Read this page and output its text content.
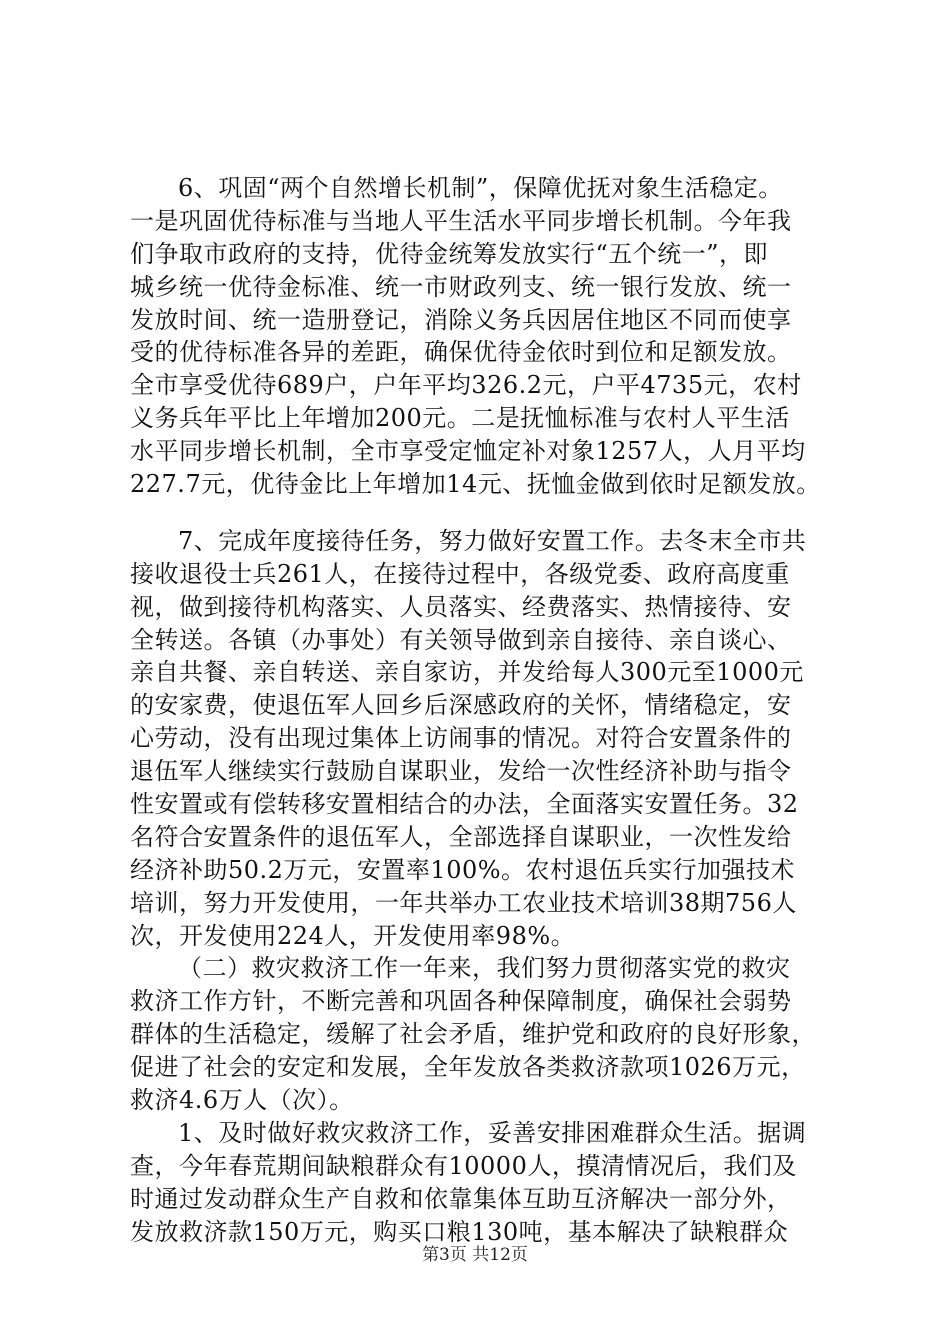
6、巩固“两个自然增长机制”，保障优抚对象生活稳定。
一是巩固优待标准与当地人平生活水平同步增长机制。今年我
们争取市政府的支持，优待金统筹发放实行“五个统一”，即
城乡统一优待金标准、统一市财政列支、统一银行发放、统一
发放时间、统一造册登记，消除义务兵因居住地区不同而使享
受的优待标准各异的差距，确保优待金依时到位和足额发放。
全市享受优待689户，户年平均326.2元，户平4735元，农村
义务兵年平比上年增加200元。二是抚恤标准与农村人平生活
水平同步增长机制，全市享受定恤定补对象1257人，人月平均
227.7元，优待金比上年增加14元、抚恤金做到依时足额发放。
7、完成年度接待任务，努力做好安置工作。去冬末全市共
接收退役士兵261人，在接待过程中，各级党委、政府高度重
视，做到接待机构落实、人员落实、经费落实、热情接待、安
全转送。各镇（办事处）有关领导做到亲自接待、亲自谈心、
亲自共餐、亲自转送、亲自家访，并发给每人300元至1000元
的安家费，使退伍军人回乡后深感政府的关怀，情绪稳定，安
心劳动，没有出现过集体上访闹事的情况。对符合安置条件的
退伍军人继续实行鼓励自谋职业，发给一次性经济补助与指令
性安置或有偿转移安置相结合的办法，全面落实安置任务。32
名符合安置条件的退伍军人，全部选择自谋职业，一次性发给
经济补助50.2万元，安置率100%。农村退伍兵实行加强技术
培训，努力开发使用，一年共举办工农业技术培训38期756人
次，开发使用224人，开发使用率98%。
（二）救灾救济工作一年来，我们努力贯彻落实党的救灾
救济工作方针，不断完善和巩固各种保障制度，确保社会弱势
群体的生活稳定，缓解了社会矛盾，维护党和政府的良好形象，
促进了社会的安定和发展，全年发放各类救济款项1026万元，
救济4.6万人（次）。
1、及时做好救灾救济工作，妥善安排困难群众生活。据调
查，今年春荒期间缺粮群众有10000人，摸清情况后，我们及
时通过发动群众生产自救和依靠集体互助互济解决一部分外，
发放救济款150万元，购买口粮130吨，基本解决了缺粮群众
第3页 共12页
